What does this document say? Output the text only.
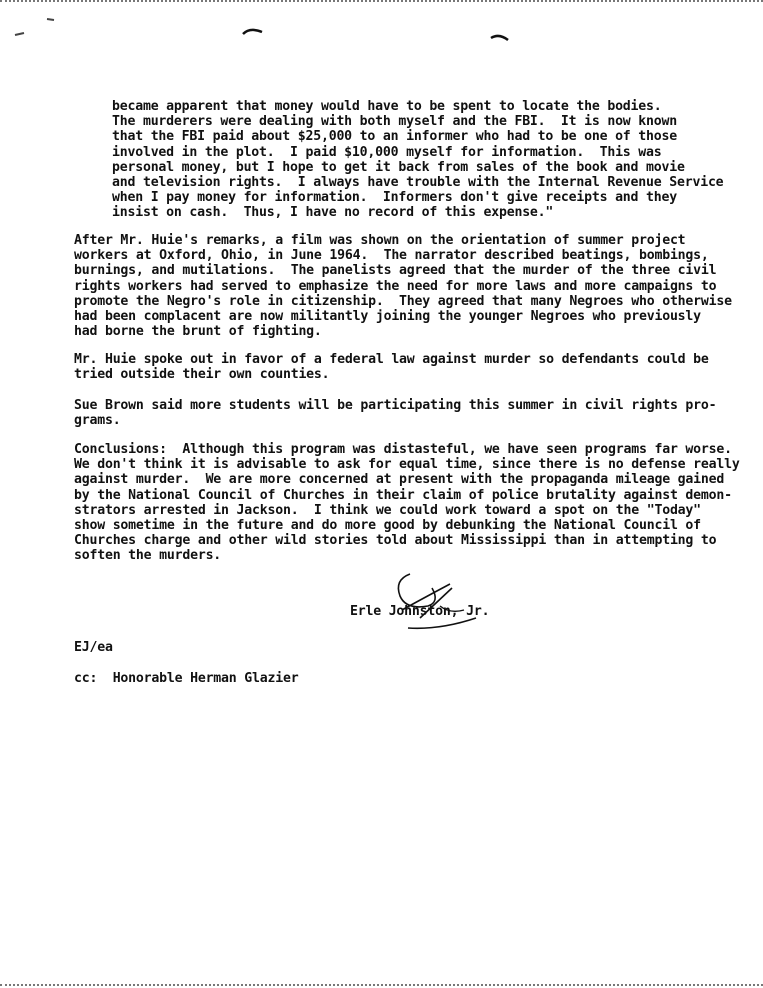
became apparent that money would have to be spent to locate the bodies.
The murderers were dealing with both myself and the FBI.  It is now known
that the FBI paid about $25,000 to an informer who had to be one of those
involved in the plot.  I paid $10,000 myself for information.  This was
personal money, but I hope to get it back from sales of the book and movie
and television rights.  I always have trouble with the Internal Revenue Service
when I pay money for information.  Informers don't give receipts and they
insist on cash.  Thus, I have no record of this expense."
After Mr. Huie's remarks, a film was shown on the orientation of summer project
workers at Oxford, Ohio, in June 1964.  The narrator described beatings, bombings,
burnings, and mutilations.  The panelists agreed that the murder of the three civil
rights workers had served to emphasize the need for more laws and more campaigns to
promote the Negro's role in citizenship.  They agreed that many Negroes who otherwise
had been complacent are now militantly joining the younger Negroes who previously
had borne the brunt of fighting.
Mr. Huie spoke out in favor of a federal law against murder so defendants could be
tried outside their own counties.
Sue Brown said more students will be participating this summer in civil rights pro-
grams.
Conclusions:  Although this program was distasteful, we have seen programs far worse.
We don't think it is advisable to ask for equal time, since there is no defense really
against murder.  We are more concerned at present with the propaganda mileage gained
by the National Council of Churches in their claim of police brutality against demon-
strators arrested in Jackson.  I think we could work toward a spot on the "Today"
show sometime in the future and do more good by debunking the National Council of
Churches charge and other wild stories told about Mississippi than in attempting to
soften the murders.
Erle Johnston, Jr.
EJ/ea
cc:  Honorable Herman Glazier
